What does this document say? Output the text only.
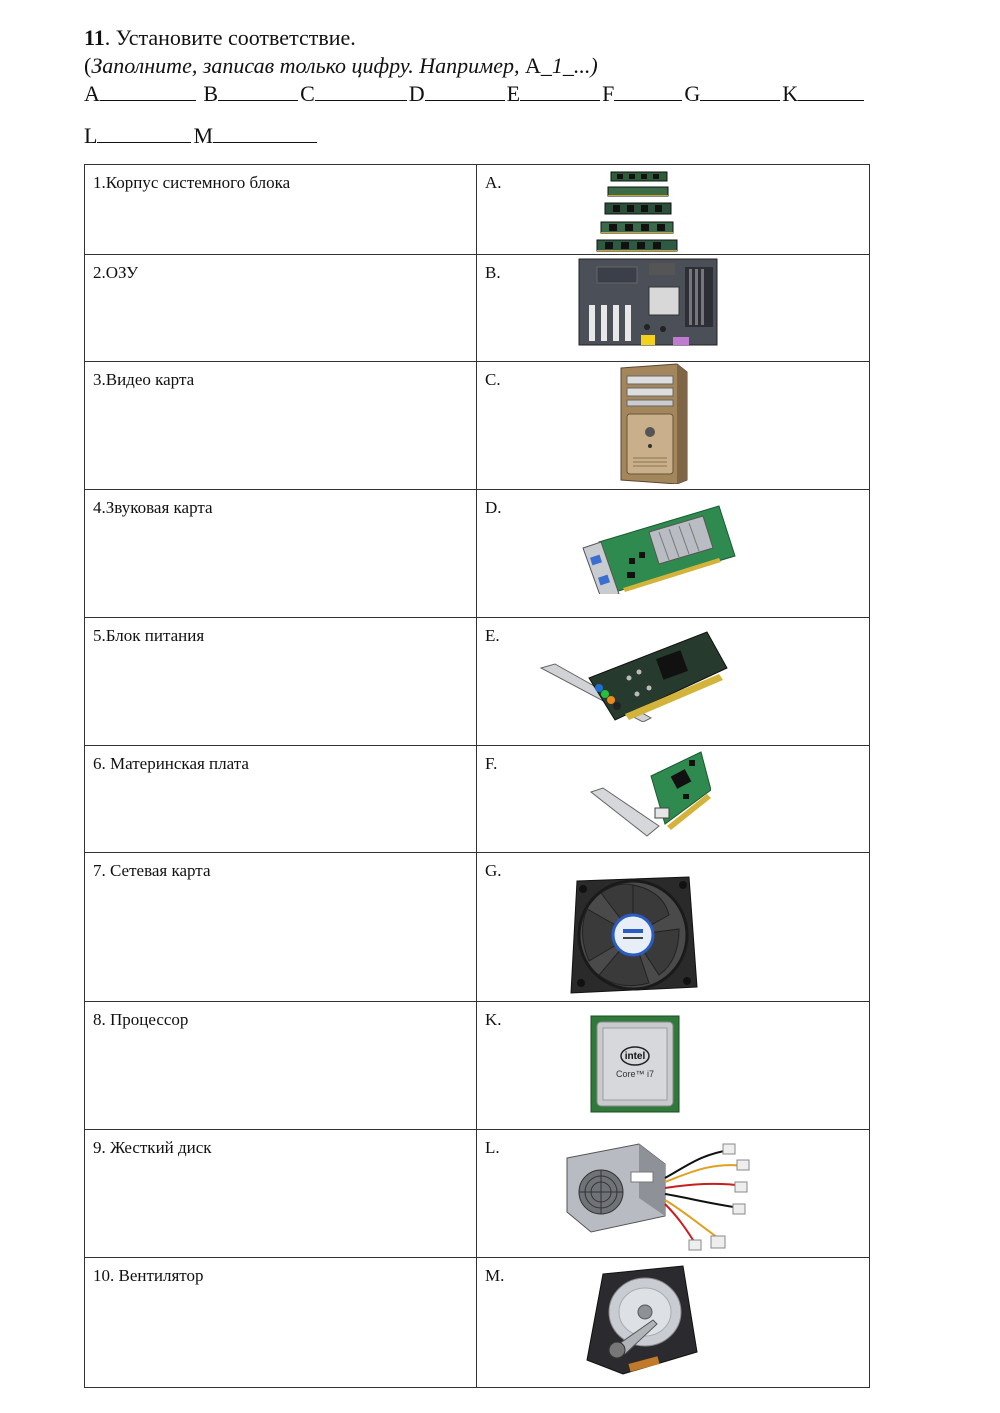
11. Установите соответствие.
(Заполните, записав только цифру. Например, А_1_...)
A	B	C	D	E	F	G	K
L	M
1.Корпус системного блока	A.

2.ОЗУ	B.

3.Видео карта	C.

4.Звуковая карта	D.

5.Блок питания	E.

6. Материнская плата	F.

7. Сетевая карта	G.

8. Процессор	K.
intel
Core™ i7

9. Жесткий диск	L.

10. Вентилятор	M.
